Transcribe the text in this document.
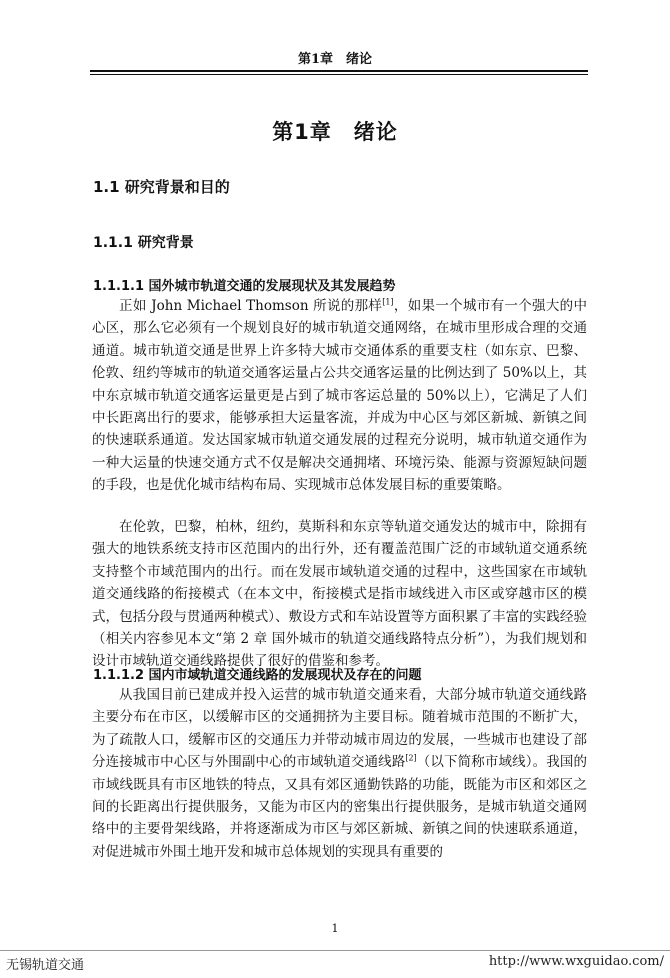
第1章　绪论
第1章　绪论
1.1 研究背景和目的
1.1.1 研究背景
1.1.1.1 国外城市轨道交通的发展现状及其发展趋势

正如 John Michael Thomson 所说的那样[1]，如果一个城市有一个强大的中心区，那么它必须有一个规划良好的城市轨道交通网络，在城市里形成合理的交通通道。城市轨道交通是世界上许多特大城市交通体系的重要支柱（如东京、巴黎、伦敦、纽约等城市的轨道交通客运量占公共交通客运量的比例达到了 50%以上，其中东京城市轨道交通客运量更是占到了城市客运总量的 50%以上），它满足了人们中长距离出行的要求，能够承担大运量客流，并成为中心区与郊区新城、新镇之间的快速联系通道。发达国家城市轨道交通发展的过程充分说明，城市轨道交通作为一种大运量的快速交通方式不仅是解决交通拥堵、环境污染、能源与资源短缺问题的手段，也是优化城市结构布局、实现城市总体发展目标的重要策略。

在伦敦，巴黎，柏林，纽约，莫斯科和东京等轨道交通发达的城市中，除拥有强大的地铁系统支持市区范围内的出行外，还有覆盖范围广泛的市域轨道交通系统支持整个市域范围内的出行。而在发展市域轨道交通的过程中，这些国家在市域轨道交通线路的衔接模式（在本文中，衔接模式是指市域线进入市区或穿越市区的模式，包括分段与贯通两种模式）、敷设方式和车站设置等方面积累了丰富的实践经验（相关内容参见本文“第 2 章 国外城市的轨道交通线路特点分析”），为我们规划和设计市域轨道交通线路提供了很好的借鉴和参考。

1.1.1.2 国内市域轨道交通线路的发展现状及存在的问题

从我国目前已建成并投入运营的城市轨道交通来看，大部分城市轨道交通线路主要分布在市区，以缓解市区的交通拥挤为主要目标。随着城市范围的不断扩大，为了疏散人口，缓解市区的交通压力并带动城市周边的发展，一些城市也建设了部分连接城市中心区与外围副中心的市域轨道交通线路[2]（以下简称市域线）。我国的市域线既具有市区地铁的特点，又具有郊区通勤铁路的功能，既能为市区和郊区之间的长距离出行提供服务，又能为市区内的密集出行提供服务，是城市轨道交通网络中的主要骨架线路，并将逐渐成为市区与郊区新城、新镇之间的快速联系通道，对促进城市外围土地开发和城市总体规划的实现具有重要的

1
无锡轨道交通	http://www.wxguidao.com/
